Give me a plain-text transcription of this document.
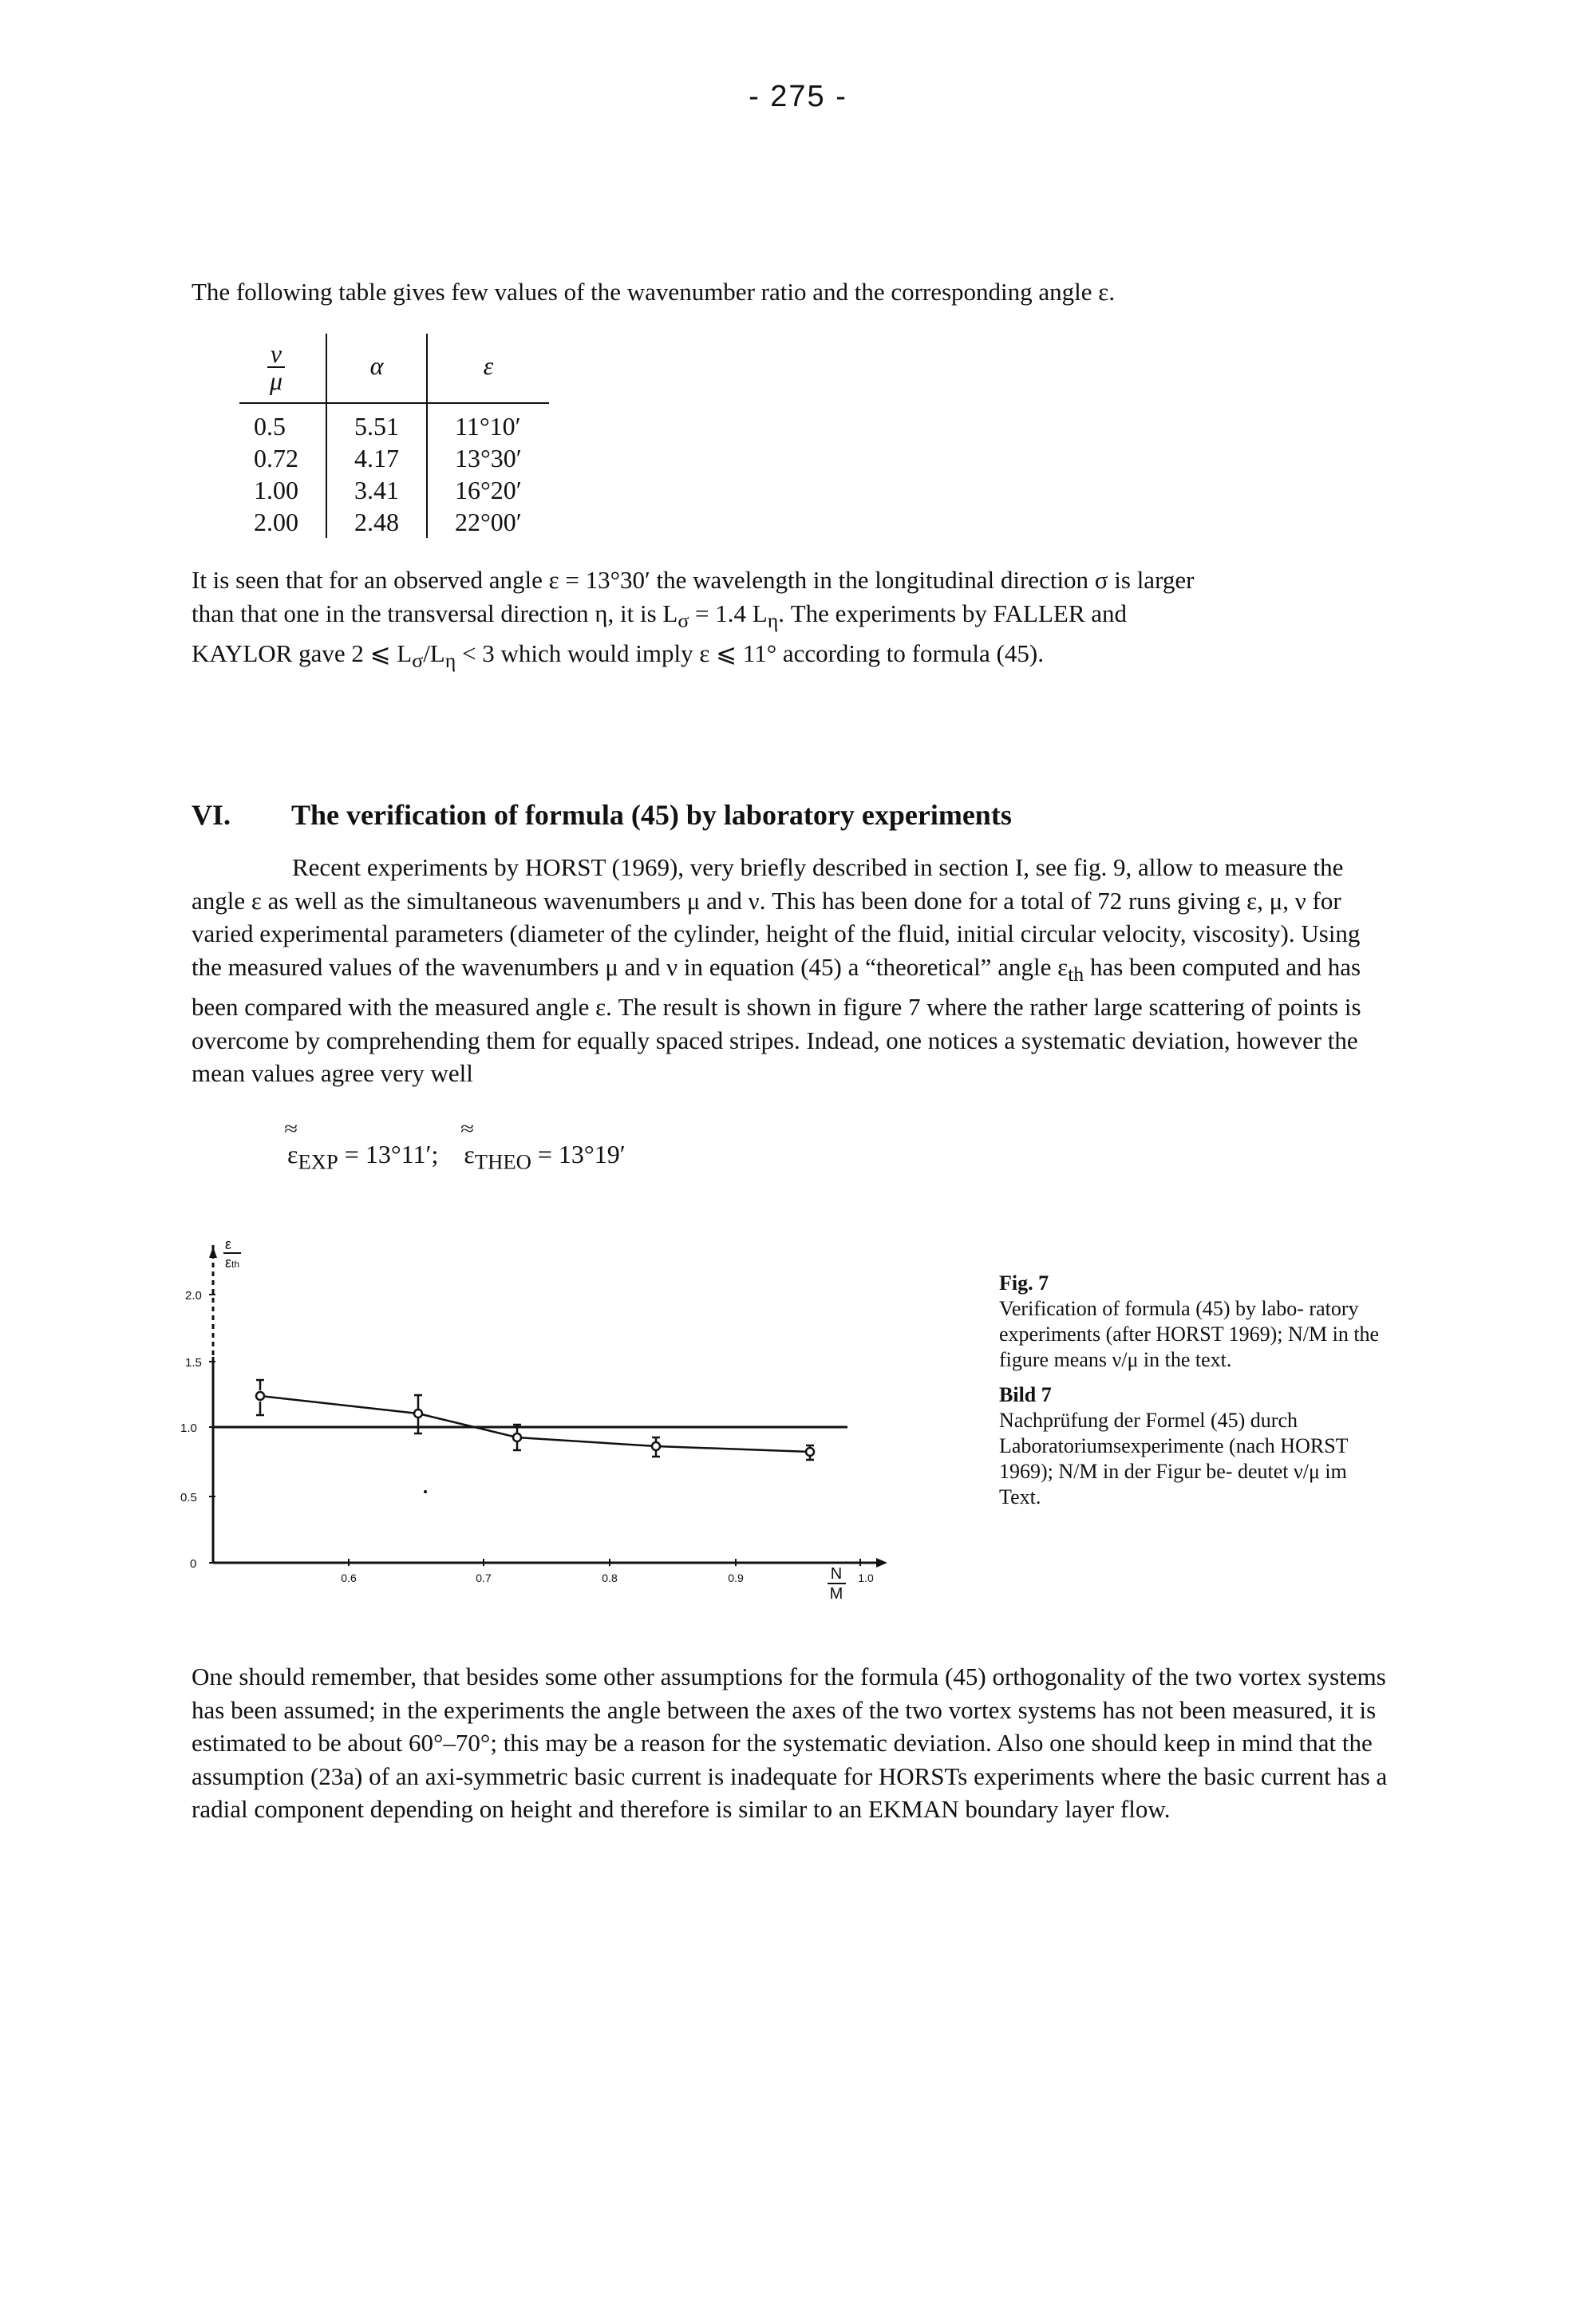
- 275 -
The following table gives few values of the wavenumber ratio and the corresponding angle ε.
$\frac{\nu}{\mu}$	α	ε
0.5	5.51	11°10′
0.72	4.17	13°30′
1.00	3.41	16°20′
2.00	2.48	22°00′
It is seen that for an observed angle ε = 13°30′ the wavelength in the longitudinal direction σ is larger
than that one in the transversal direction η, it is $L_\sigma = 1.4$ $L_\eta$. The experiments by FALLER and
KAYLOR gave 2 ⩽ $L_\sigma/L_\eta < 3$ which would imply ε ⩽ 11° according to formula (45).
VI. The verification of formula (45) by laboratory experiments
Recent experiments by HORST (1969), very briefly described in section I, see fig. 9, allow to measure the angle ε as well as the simultaneous wavenumbers μ and ν. This has been done for a total of 72 runs giving ε, μ, ν for varied experimental parameters (diameter of the cylinder, height of the fluid, initial circular velocity, viscosity). Using the measured values of the wavenumbers μ and ν in equation (45) a “theoretical” angle $\varepsilon_{th}$ has been computed and has been compared with the measured angle ε. The result is shown in figure 7 where the rather large scattering of points is overcome by comprehending them for equally spaced stripes. Indead, one notices a systematic deviation, however the mean values agree very well
≈ $\varepsilon_{EXP} = 13^\circ 11'$; ≈ $\varepsilon_{THEO} = 13^\circ 19'$
0
0.5
1.0
1.5
2.0
0.6	0.7	0.8	0.9	1.0
ε
εth
N
M

Fig. 7
Verification of formula (45) by labo- ratory experiments (after HORST 1969); N/M in the figure means ν/μ in the text.

Bild 7
Nachprüfung der Formel (45) durch Laboratoriumsexperimente (nach HORST 1969); N/M in der Figur be- deutet ν/μ im Text.

One should remember, that besides some other assumptions for the formula (45) orthogonality of the two vortex systems has been assumed; in the experiments the angle between the axes of the two vortex systems has not been measured, it is estimated to be about 60°–70°; this may be a reason for the systematic deviation. Also one should keep in mind that the assumption (23a) of an axi-symmetric basic current is inadequate for HORSTs experiments where the basic current has a radial component depending on height and therefore is similar to an EKMAN boundary layer flow.
